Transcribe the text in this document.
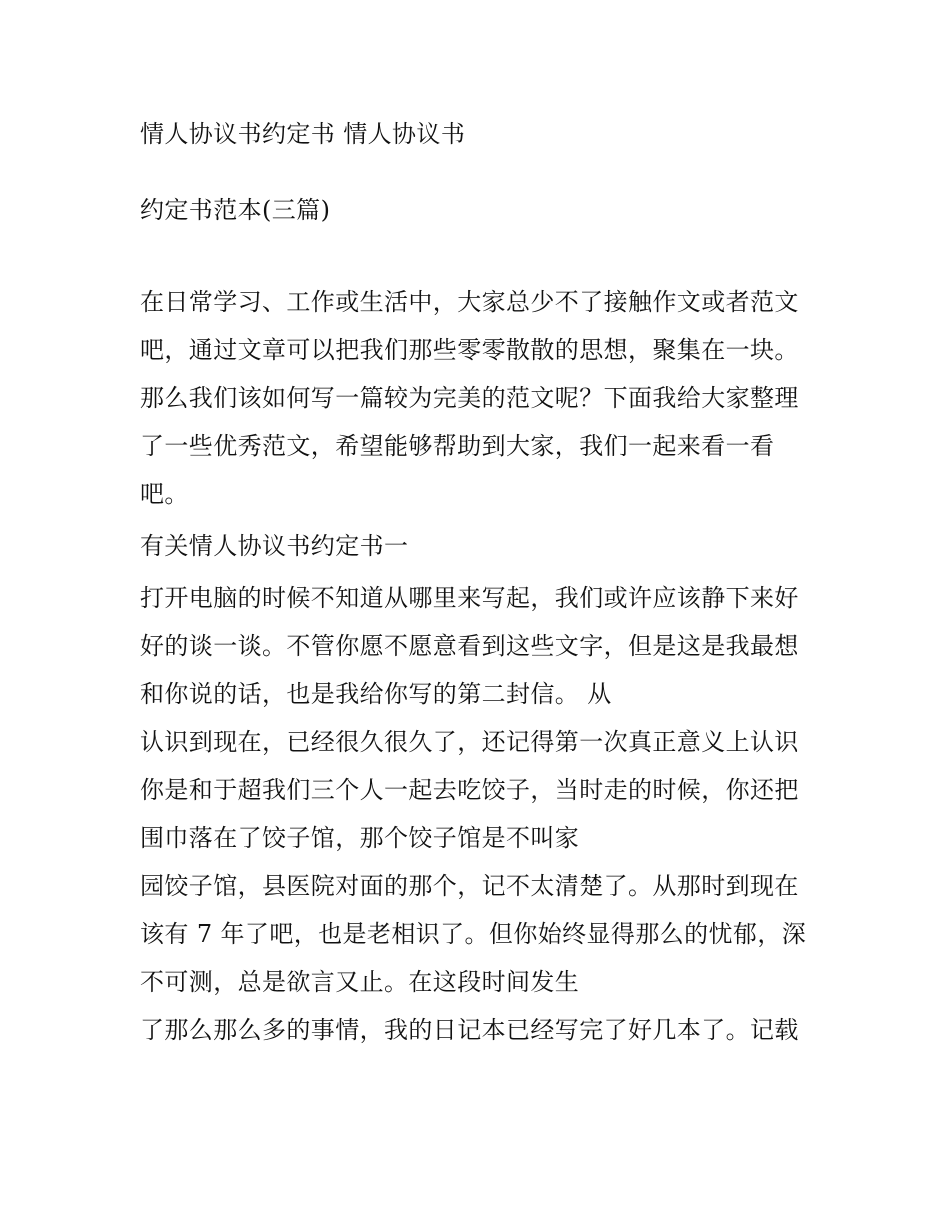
情人协议书约定书 情人协议书
约定书范本(三篇)
在日常学习、工作或生活中，大家总少不了接触作文或者范文
吧，通过文章可以把我们那些零零散散的思想，聚集在一块。
那么我们该如何写一篇较为完美的范文呢？下面我给大家整理
了一些优秀范文，希望能够帮助到大家，我们一起来看一看
吧。
有关情人协议书约定书一
打开电脑的时候不知道从哪里来写起，我们或许应该静下来好
好的谈一谈。不管你愿不愿意看到这些文字，但是这是我最想
和你说的话，也是我给你写的第二封信。 从
认识到现在，已经很久很久了，还记得第一次真正意义上认识
你是和于超我们三个人一起去吃饺子，当时走的时候，你还把
围巾落在了饺子馆，那个饺子馆是不叫家
园饺子馆，县医院对面的那个，记不太清楚了。从那时到现在
该有 7 年了吧，也是老相识了。但你始终显得那么的忧郁，深
不可测，总是欲言又止。在这段时间发生
了那么那么多的事情，我的日记本已经写完了好几本了。记载
